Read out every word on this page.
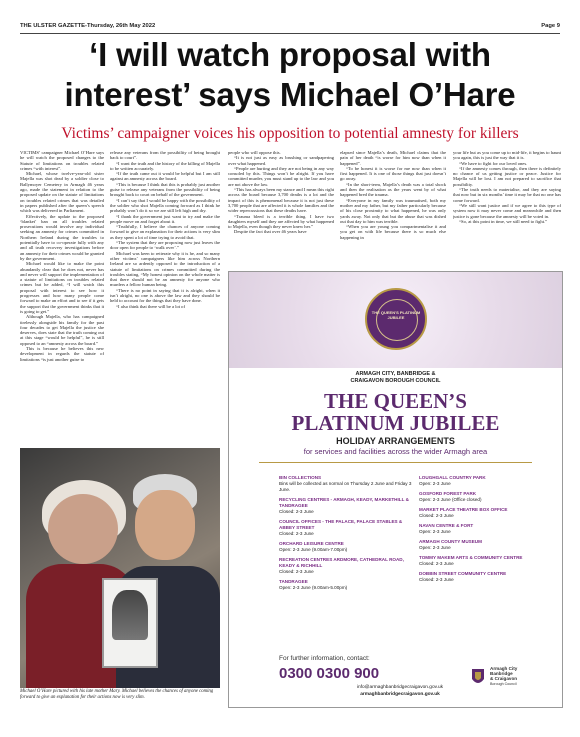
THE ULSTER GAZETTE-Thursday, 26th May 2022	Page 9
‘I will watch proposal with
interest’ says Michael O’Hare
Victims’ campaigner voices his opposition to potential amnesty for killers

VICTIMS’ campaigner Michael O’Hare says he will watch the proposed changes to the Statute of limitations on troubles related crimes “with interest”.

Michael, whose twelve-year-old sister Majella was shot dead by a soldier close to Ballymoyer Cemetery in Armagh 46 years ago, made the statement in relation to the proposed update on the statute of limitations on troubles related crimes that was detailed in papers published after the queen’s speech which was delivered in Parliament.

Effectively, the update to the proposed ‘blanket’ ban on all troubles related prosecutions would involve any individual seeking an amnesty for crimes committed in Northern Ireland during the troubles to potentially have to co-operate fully with any and all truth recovery investigations before an amnesty for their crimes would be granted by the government.

Michael would like to make the point abundantly clear that he does not, never has and never will support the implementation of a statute of limitations on troubles related crimes but he added, “I will watch this proposal with interest to see how it progresses and how many people come forward to make an effort and to see if it gets the support that the government thinks that it is going to get.”

Although Majella, who has campaigned tirelessly alongside his family for the past four decades to get Majella the justice she deserves, does state that the truth coming out at this stage “would be helpful”, he is still opposed to an “amnesty across the board.”

This is because he believes this new development in regards the statute of limitations “is just another guise to

release any veterans from the possibility of being brought back to court”.

“I want the truth and the history of the killing of Majella to be written accurately.

“If the truth came out it would be helpful but I am still against an amnesty across the board.

“This is because I think that this is probably just another guise to release any veterans from the possibility of being brought back to court on behalf of the government.

“I can’t say that I would be happy with the possibility of the soldier who shot Majella coming forward as I think he probably won’t do it so we are still left high and dry.

“I thank the government just want to try and make the people move on and forget about it.

“Truthfully, I believe the chances of anyone coming forward to give an explanation for their actions is very slim as they spent a lot of time trying to avoid that.

“The system that they are proposing now just leaves the door open for people to ‘walk over’.”

Michael was keen to reiterate why it is he, and so many other victims’ campaigners like him across Northern Ireland are so ardently opposed to the introduction of a statute of limitations on crimes committed during the troubles stating, “My honest opinion on the whole matter is that there should not be an amnesty for anyone who murders a fellow human being.

“There is no point in saying that it is alright, when it isn’t alright, no one is above the law and they should be held to account for the things that they have done.

“I also think that there will be a lot of

people who will oppose this.

“It is not just as easy as brushing or sandpapering over what happened.

“People are hurting and they are not being in any way consoled by this. Things won’t be alright. If you have committed murder, you must stand up to the law and you are not above the law.

“This has always been my stance and I mean this right across the board because 3,700 deaths is a lot and the impact of this is phenomenal because it is not just these 3,700 people that are affected it is whole families and the wider repercussions that these deaths have.

“Trauma bleed is a terrible thing. I have two daughters myself and they are affected by what happened to Majella, even though they never knew her.”

Despite the fact that over 46 years have

elapsed since Majella’s death, Michael claims that the pain of her death “is worse for him now than when it happened”.

“To be honest it is worse for me now than when it first happened. It is one of those things that just doesn’t go away.

“In the short-term, Majella’s death was a total shock and then the realisation as the years went by of what happened bred the trauma.

“Everyone in my family was traumatised, both my mother and my father, but my father particularly because of his close proximity to what happened, he was only yards away. Not only that but the abuse that was dished out that day to him was terrible.

“When you are young you compartmentalise it and you get on with life because there is so much else happening in

your life but as you come up to mid-life, it begins to haunt you again, this is just the way that it is.

“We have to fight for our loved ones.

“If the amnesty comes through, then there is definitely no chance of us getting justice or peace. Justice for Majella will be lost. I am not prepared to sacrifice that possibility.

“The truth needs to materialise, and they are saying that now but in six months’ time it may be that no one has come forward.

“We still want justice and if we agree to this type of system now it may never come and meanwhile and then justice is gone because the amnesty will be voted in.

“So, at this point in time, we still need to fight.”

Michael O’Hare pictured with his late mother Mary. Michael believes the chances of anyone coming forward to give an explanation for their actions now is very slim.
THE QUEEN'S PLATINUM JUBILEE
ARMAGH CITY, BANBRIDGE &
CRAIGAVON BOROUGH COUNCIL
THE QUEEN’S
PLATINUM JUBILEE
HOLIDAY ARRANGEMENTS
for services and facilities across the wider Armagh area
BIN COLLECTIONS
Bins will be collected as normal on Thursday 2 June and Friday 3 June.
RECYCLING CENTRES - ARMAGH, KEADY, MARKETHILL & TANDRAGEE
Closed: 2-3 June
COUNCIL OFFICES - THE PALACE, PALACE STABLES & ABBEY STREET
Closed: 2-3 June
ORCHARD LEISURE CENTRE
Open: 2-3 June (9.00am-7.00pm)
RECREATION CENTRES ARDMORE, CATHEDRAL ROAD, KEADY & RICHHILL
Closed: 2-3 June
TANDRAGEE
Open: 2-3 June (9.00am-5.00pm)
LOUGHGALL COUNTRY PARK
Open: 2-3 June
GOSFORD FOREST PARK
Open: 2-3 June (Office closed)
MARKET PLACE THEATRE BOX OFFICE
Closed: 2-3 June
NAVAN CENTRE & FORT
Open: 2-3 June
ARMAGH COUNTY MUSEUM
Open: 2-3 June
TOMMY MAKEM ARTS & COMMUNITY CENTRE
Closed: 2-3 June
DOBBIN STREET COMMUNITY CENTRE
Closed: 2-3 June
For further information, contact:
0300 0300 900
info@armaghbanbridgecraigavon.gov.uk
armaghbanbridgecraigavon.gov.uk
Armagh City
Banbridge
& Craigavon
Borough Council
